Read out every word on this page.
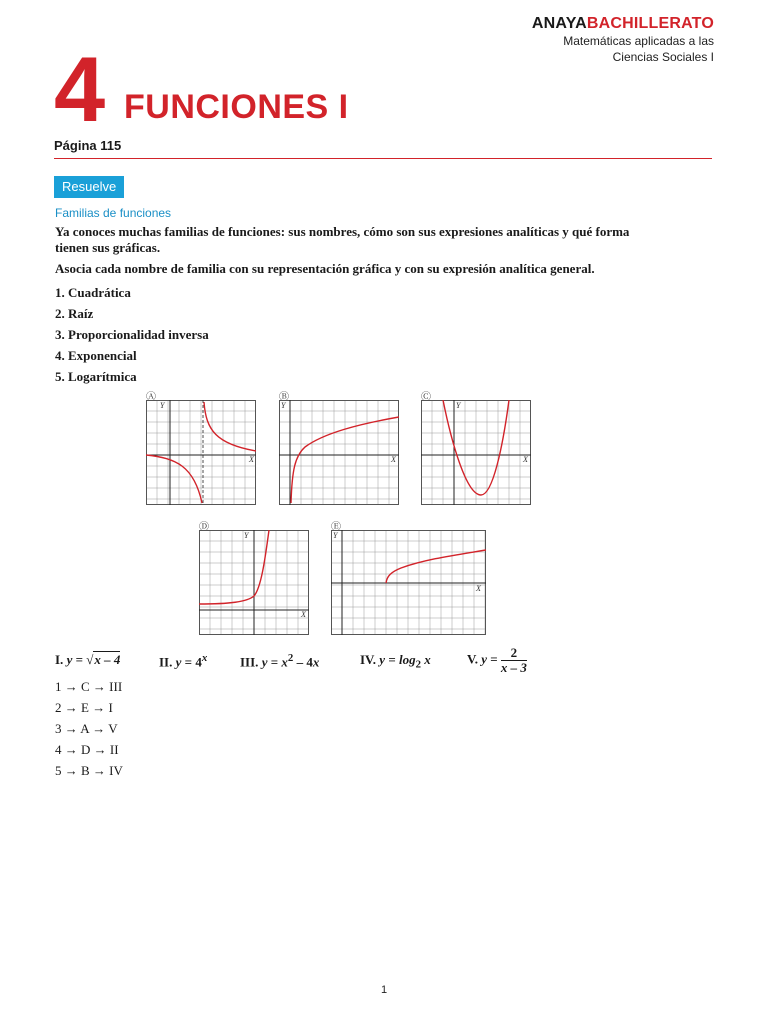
ANAYABACHILLERATO
Matemáticas aplicadas a las
Ciencias Sociales I
4 FUNCIONES I
Página 115
Resuelve
Familias de funciones

Ya conoces muchas familias de funciones: sus nombres, cómo son sus expresiones analíticas y qué forma tienen sus gráficas.

Asocia cada nombre de familia con su representación gráfica y con su expresión analítica general.

1. Cuadrática
2. Raíz
3. Proporcionalidad inversa
4. Exponencial
5. Logarítmica
Ⓐ	Ⓑ	Ⓒ
Ⓓ	Ⓔ
X
Y
X
Y
X
Y
X
Y
X
Y
I. y = √x – 4	II. $y = 4^x$	III. $y = x^2 - 4x$	IV. $y = \log_2 x$	V. $y = \frac{2}{x - 3}$
1 → C → III
2 → E → I
3 → A → V
4 → D → II
5 → B → IV
1
